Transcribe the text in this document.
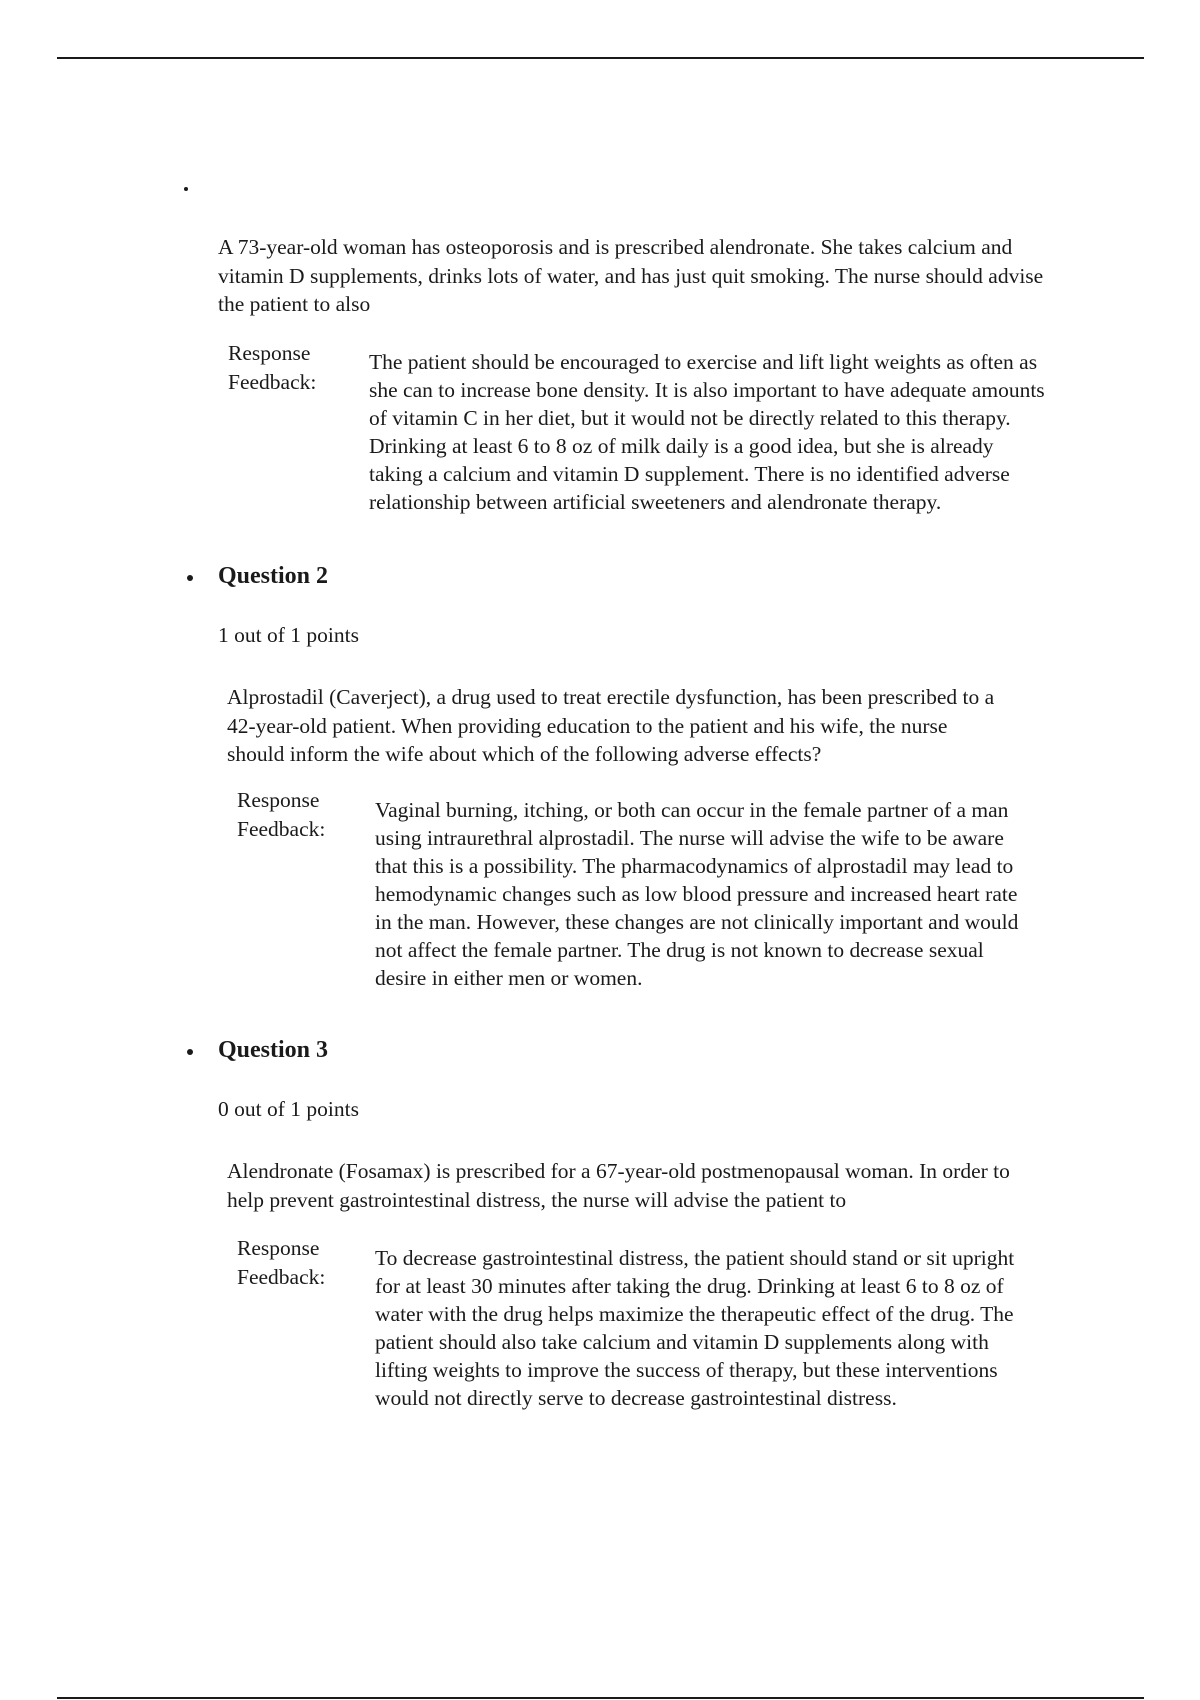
A 73-year-old woman has osteoporosis and is prescribed alendronate. She takes calcium and
vitamin D supplements, drinks lots of water, and has just quit smoking. The nurse should advise
the patient to also
Response
Feedback:
The patient should be encouraged to exercise and lift light weights as often as
she can to increase bone density. It is also important to have adequate amounts
of vitamin C in her diet, but it would not be directly related to this therapy.
Drinking at least 6 to 8 oz of milk daily is a good idea, but she is already
taking a calcium and vitamin D supplement. There is no identified adverse
relationship between artificial sweeteners and alendronate therapy.
Question 2
1 out of 1 points
Alprostadil (Caverject), a drug used to treat erectile dysfunction, has been prescribed to a
42-year-old patient. When providing education to the patient and his wife, the nurse
should inform the wife about which of the following adverse effects?
Response
Feedback:
Vaginal burning, itching, or both can occur in the female partner of a man
using intraurethral alprostadil. The nurse will advise the wife to be aware
that this is a possibility. The pharmacodynamics of alprostadil may lead to
hemodynamic changes such as low blood pressure and increased heart rate
in the man. However, these changes are not clinically important and would
not affect the female partner. The drug is not known to decrease sexual
desire in either men or women.
Question 3
0 out of 1 points
Alendronate (Fosamax) is prescribed for a 67-year-old postmenopausal woman. In order to
help prevent gastrointestinal distress, the nurse will advise the patient to
Response
Feedback:
To decrease gastrointestinal distress, the patient should stand or sit upright
for at least 30 minutes after taking the drug. Drinking at least 6 to 8 oz of
water with the drug helps maximize the therapeutic effect of the drug. The
patient should also take calcium and vitamin D supplements along with
lifting weights to improve the success of therapy, but these interventions
would not directly serve to decrease gastrointestinal distress.
